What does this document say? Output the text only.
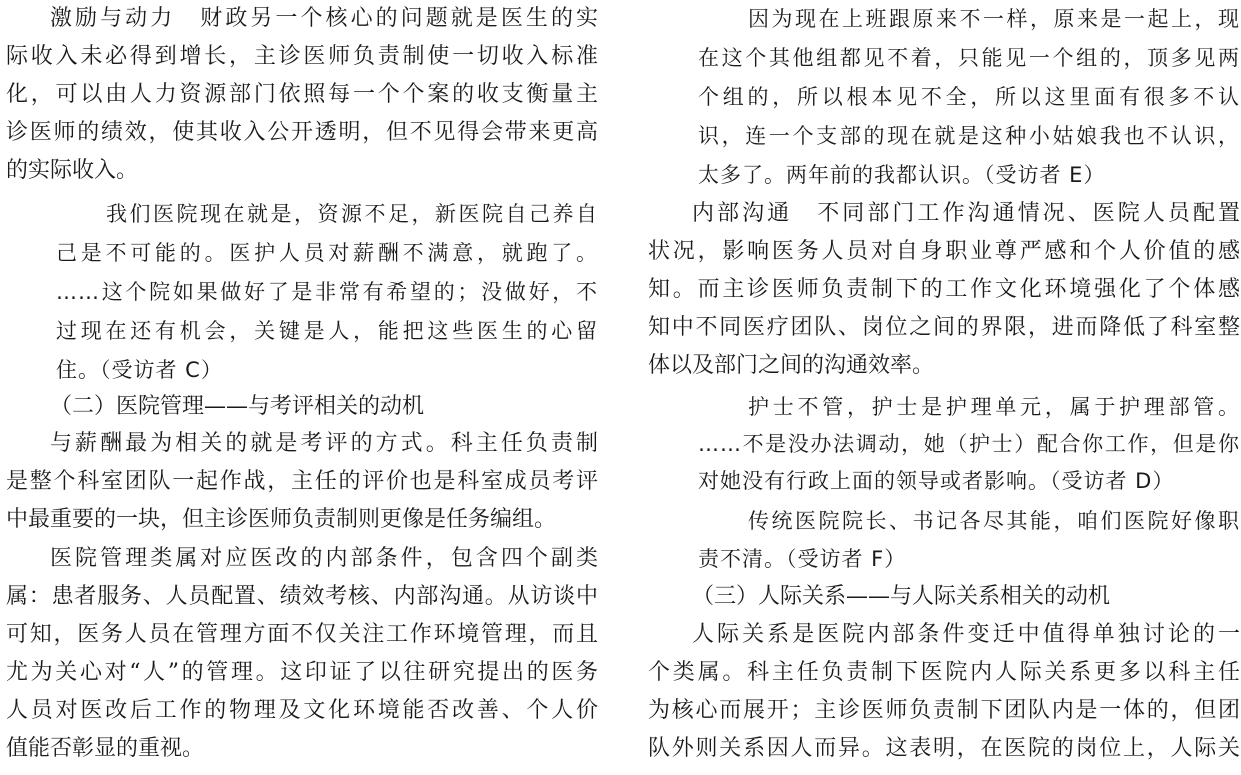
激励与动力　财政另一个核心的问题就是医生的实
际收入未必得到增长，主诊医师负责制使一切收入标准
化，可以由人力资源部门依照每一个个案的收支衡量主
诊医师的绩效，使其收入公开透明，但不见得会带来更高
的实际收入。
我们医院现在就是，资源不足，新医院自己养自
己是不可能的。医护人员对薪酬不满意，就跑了。
……这个院如果做好了是非常有希望的；没做好，不
过现在还有机会，关键是人，能把这些医生的心留
住。（受访者 C）
（二）医院管理——与考评相关的动机
与薪酬最为相关的就是考评的方式。科主任负责制
是整个科室团队一起作战，主任的评价也是科室成员考评
中最重要的一块，但主诊医师负责制则更像是任务编组。
医院管理类属对应医改的内部条件，包含四个副类
属：患者服务、人员配置、绩效考核、内部沟通。从访谈中
可知，医务人员在管理方面不仅关注工作环境管理，而且
尤为关心对“人”的管理。这印证了以往研究提出的医务
人员对医改后工作的物理及文化环境能否改善、个人价
值能否彰显的重视。
因为现在上班跟原来不一样，原来是一起上，现
在这个其他组都见不着，只能见一个组的，顶多见两
个组的，所以根本见不全，所以这里面有很多不认
识，连一个支部的现在就是这种小姑娘我也不认识，
太多了。两年前的我都认识。（受访者 E）
内部沟通　不同部门工作沟通情况、医院人员配置
状况，影响医务人员对自身职业尊严感和个人价值的感
知。而主诊医师负责制下的工作文化环境强化了个体感
知中不同医疗团队、岗位之间的界限，进而降低了科室整
体以及部门之间的沟通效率。
护士不管，护士是护理单元，属于护理部管。
……不是没办法调动，她（护士）配合你工作，但是你
对她没有行政上面的领导或者影响。（受访者 D）
传统医院院长、书记各尽其能，咱们医院好像职
责不清。（受访者 F）
（三）人际关系——与人际关系相关的动机
人际关系是医院内部条件变迁中值得单独讨论的一
个类属。科主任负责制下医院内人际关系更多以科主任
为核心而展开；主诊医师负责制下团队内是一体的，但团
队外则关系因人而异。这表明，在医院的岗位上，人际关
